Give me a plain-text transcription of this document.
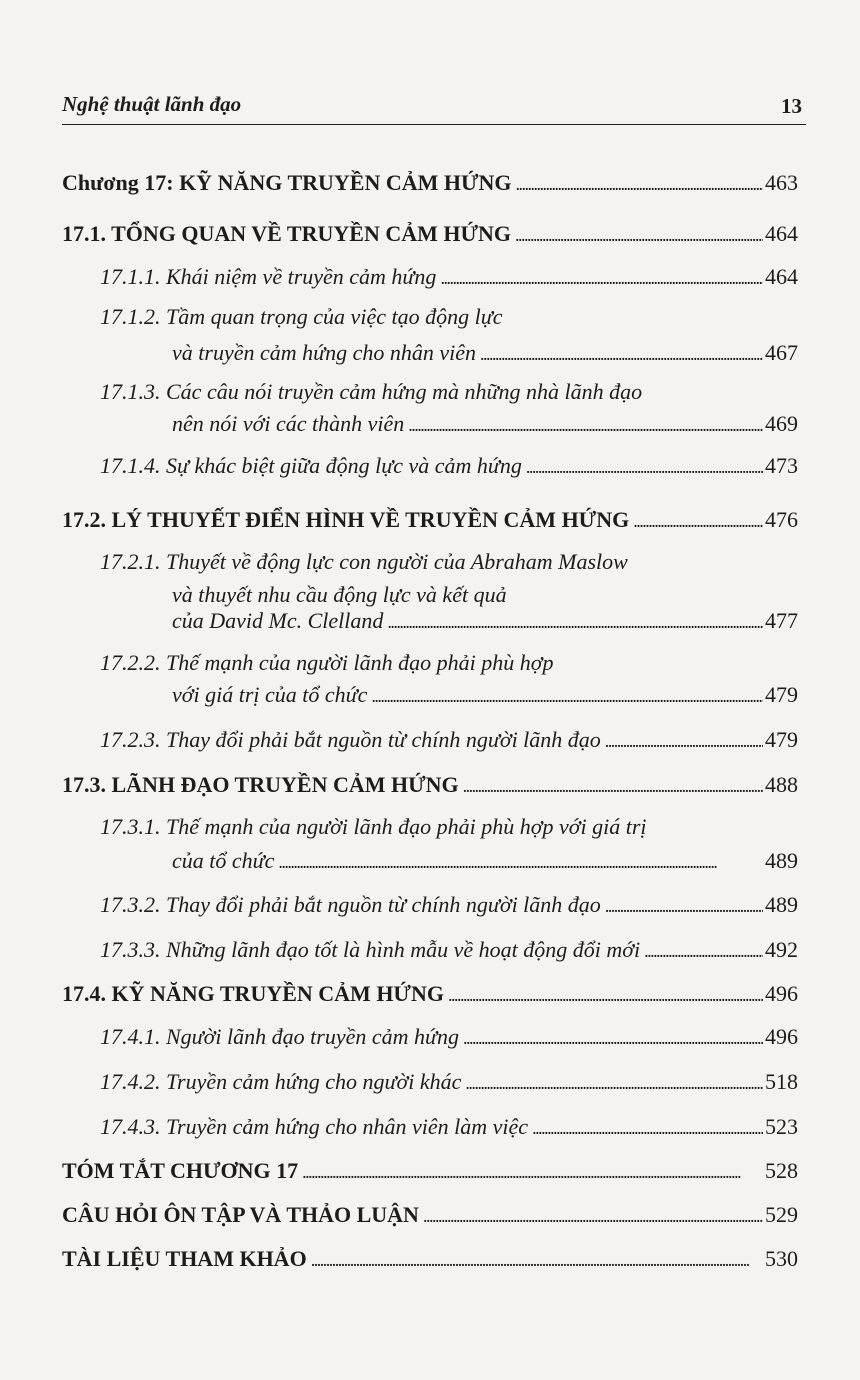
Nghệ thuật lãnh đạo	13
Chương 17: KỸ NĂNG TRUYỀN CẢM HỨNG . . .	463
17.1. TỔNG QUAN VỀ TRUYỀN CẢM HỨNG . . .	464
17.1.1. Khái niệm về truyền cảm hứng . . .	464
17.1.2. Tầm quan trọng của việc tạo động lực
và truyền cảm hứng cho nhân viên . . .	467
17.1.3. Các câu nói truyền cảm hứng mà những nhà lãnh đạo
nên nói với các thành viên . . .	469
17.1.4. Sự khác biệt giữa động lực và cảm hứng . . .	473
17.2. LÝ THUYẾT ĐIỂN HÌNH VỀ TRUYỀN CẢM HỨNG . . .	476
17.2.1. Thuyết về động lực con người của Abraham Maslow
và thuyết nhu cầu động lực và kết quả
của David Mc. Clelland . . .	477
17.2.2. Thế mạnh của người lãnh đạo phải phù hợp
với giá trị của tổ chức . . .	479
17.2.3. Thay đổi phải bắt nguồn từ chính người lãnh đạo . . .	479
17.3. LÃNH ĐẠO TRUYỀN CẢM HỨNG . . .	488
17.3.1. Thế mạnh của người lãnh đạo phải phù hợp với giá trị
của tổ chức . . .	489
17.3.2. Thay đổi phải bắt nguồn từ chính người lãnh đạo . . .	489
17.3.3. Những lãnh đạo tốt là hình mẫu về hoạt động đổi mới . . .	492
17.4. KỸ NĂNG TRUYỀN CẢM HỨNG . . .	496
17.4.1. Người lãnh đạo truyền cảm hứng . . .	496
17.4.2. Truyền cảm hứng cho người khác . . .	518
17.4.3. Truyền cảm hứng cho nhân viên làm việc . . .	523
TÓM TẮT CHƯƠNG 17 . . .	528
CÂU HỎI ÔN TẬP VÀ THẢO LUẬN . . .	529
TÀI LIỆU THAM KHẢO . . .	530
